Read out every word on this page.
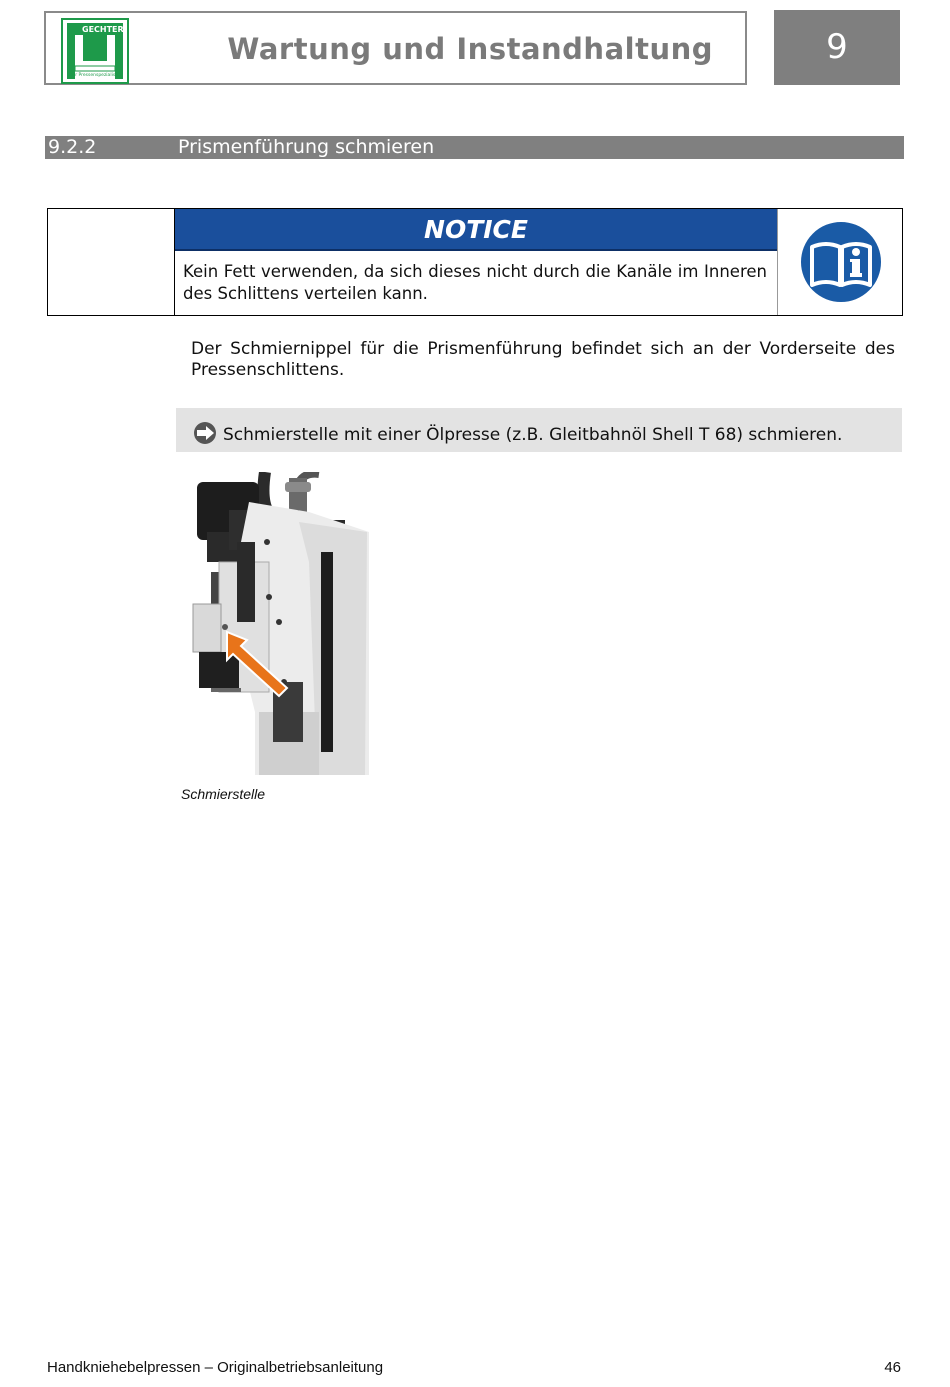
GECHTER
Der Pressenspezialist
Wartung und Instandhaltung	9
9.2.2	Prismenführung schmieren
NOTICE
Kein Fett verwenden, da sich dieses nicht durch die Kanäle im Inneren des Schlittens verteilen kann.
Der Schmiernippel für die Prismenführung befindet sich an der Vorderseite des Pressenschlittens.
Schmierstelle mit einer Ölpresse (z.B. Gleitbahnöl Shell T 68) schmieren.
Schmierstelle
Handkniehebelpressen – Originalbetriebsanleitung	46
